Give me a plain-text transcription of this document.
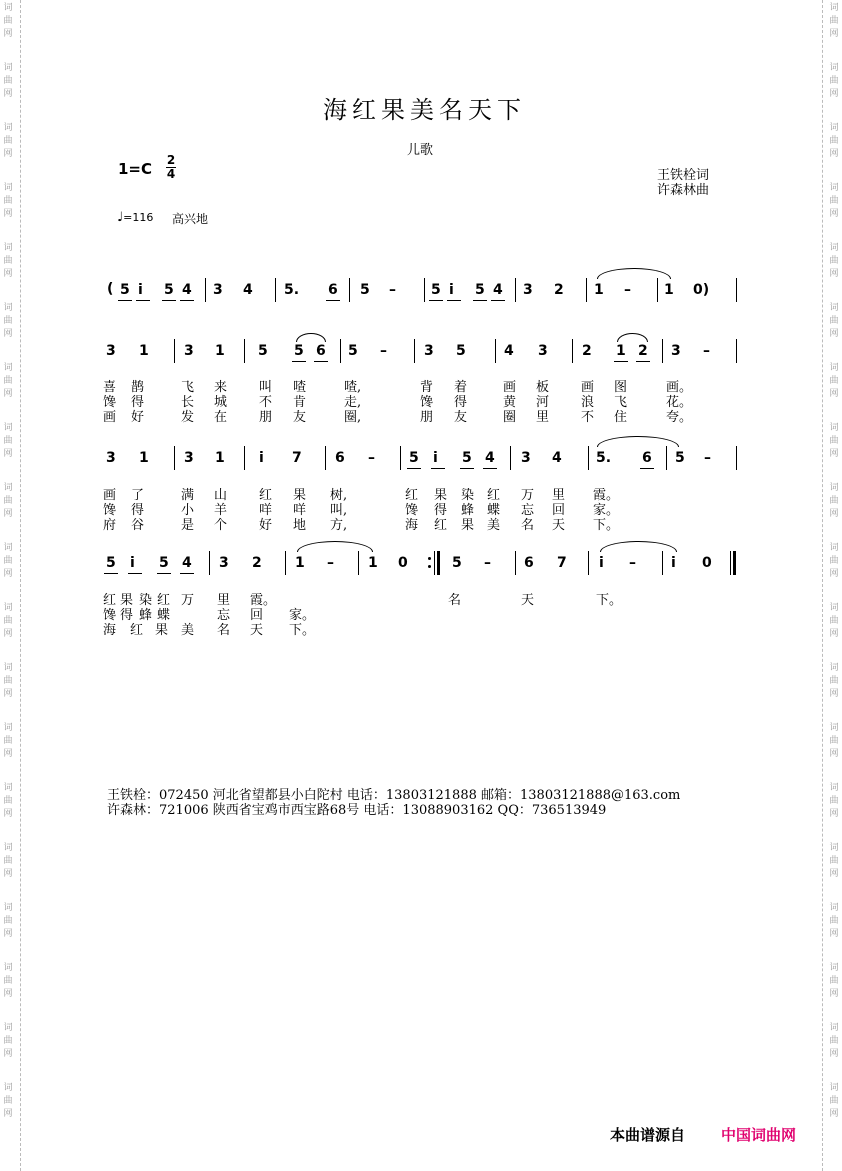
词
曲
网
词
曲
网
词
曲
网
词
曲
网
词
曲
网
词
曲
网
词
曲
网
词
曲
网
词
曲
网
词
曲
网
词
曲
网
词
曲
网
词
曲
网
词
曲
网
词
曲
网
词
曲
网
词
曲
网
词
曲
网
词
曲
网
词
曲
网
词
曲
网
词
曲
网
词
曲
网
词
曲
网
词
曲
网
词
曲
网
词
曲
网
词
曲
网
词
曲
网
词
曲
网
词
曲
网
词
曲
网
词
曲
网
词
曲
网
词
曲
网
词
曲
网
词
曲
网
词
曲
网
海红果美名天下
儿歌
1=C 2
4	王铁栓词
许森林曲
♩=116 高兴地
( 5 i 5 4 3 4 5. 6 5 –	5 i 5 4 3 2 1 – 1 0)
3 1	3 1 5 5 6 5 –	3 5	4 3 2 1 2 3 –
3 1	3 1 i 7 6 – 5 i 5 4 3 4 5. 6 5 –
5 i 5 4 3 2 1 – 1 0	5 – 6 7 i –	i 0
喜 鹊	飞 来 叫 喳	喳,	背 着	画 板 画 图	画。
馋 得	长 城 不 肯	走,	馋 得	黄 河 浪 飞	花。
画 好	发 在 朋 友	圈,	朋 友	圈 里 不 住	夸。
画 了	满 山 红 果 树,	红 果 染 红 万 里 霞。
馋 得	小 羊 咩 咩 叫,	馋 得 蜂 蝶 忘 回 家。
府 谷	是 个 好 地 方,	海 红 果 美 名 天 下。
红 果 染 红 万 里 霞。	名	天	下。
馋 得 蜂 蝶	忘 回 家。
海 红 果 美 名 天 下。
王铁栓：072450 河北省望都县小白陀村 电话：13803121888 邮箱：13803121888@163.com
许森林：721006 陕西省宝鸡市西宝路68号 电话：13088903162 QQ：736513949
本曲谱源自 中国词曲网
